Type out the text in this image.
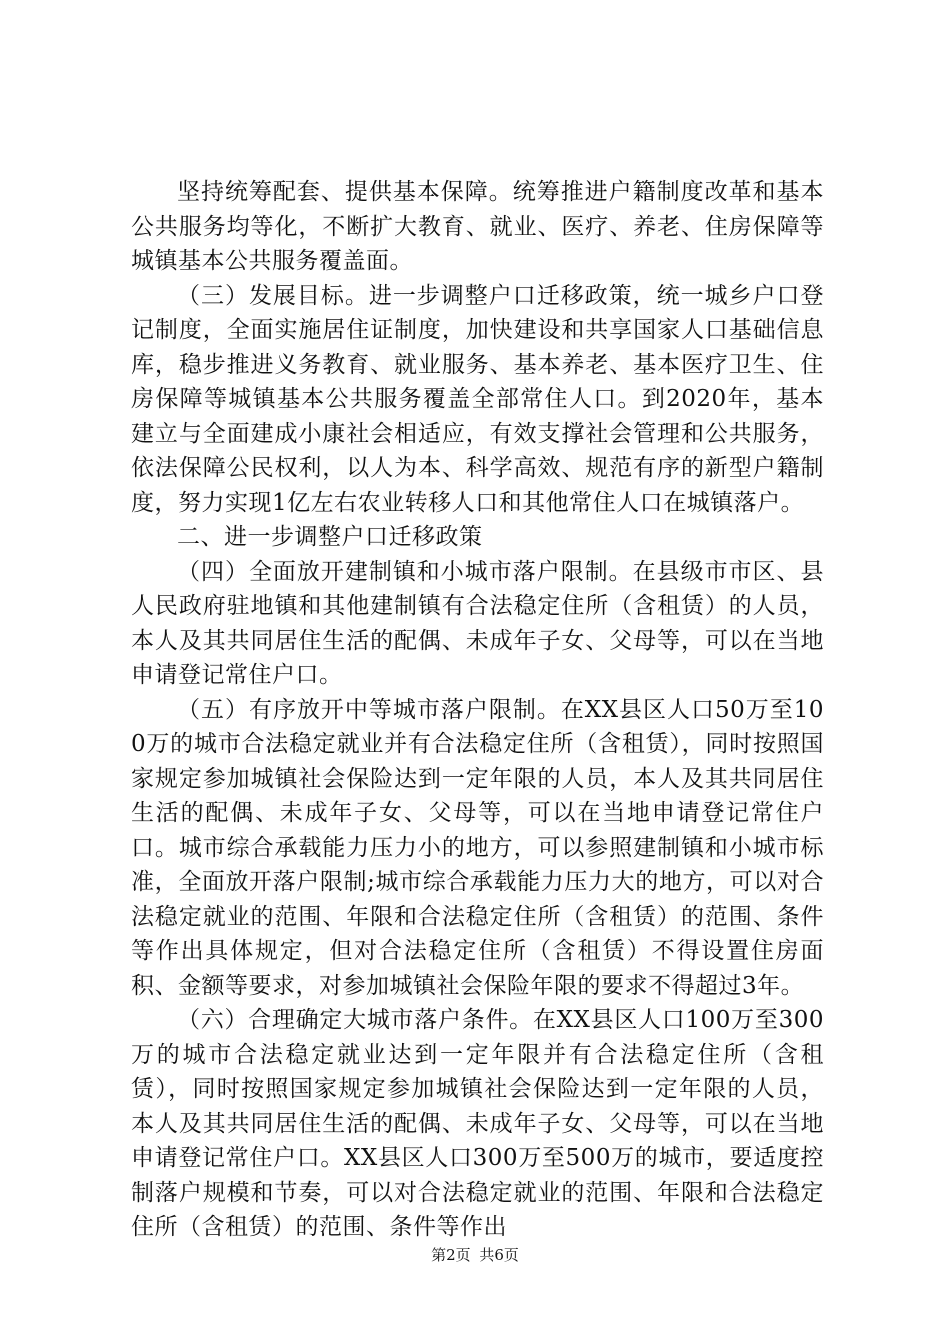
坚持统筹配套、提供基本保障。统筹推进户籍制度改革和基本公共服务均等化，不断扩大教育、就业、医疗、养老、住房保障等城镇基本公共服务覆盖面。

（三）发展目标。进一步调整户口迁移政策，统一城乡户口登记制度，全面实施居住证制度，加快建设和共享国家人口基础信息库，稳步推进义务教育、就业服务、基本养老、基本医疗卫生、住房保障等城镇基本公共服务覆盖全部常住人口。到2020年，基本建立与全面建成小康社会相适应，有效支撑社会管理和公共服务，依法保障公民权利，以人为本、科学高效、规范有序的新型户籍制度，努力实现1亿左右农业转移人口和其他常住人口在城镇落户。

二、进一步调整户口迁移政策

（四）全面放开建制镇和小城市落户限制。在县级市市区、县人民政府驻地镇和其他建制镇有合法稳定住所（含租赁）的人员，本人及其共同居住生活的配偶、未成年子女、父母等，可以在当地申请登记常住户口。

（五）有序放开中等城市落户限制。在XX县区人口50万至100万的城市合法稳定就业并有合法稳定住所（含租赁），同时按照国家规定参加城镇社会保险达到一定年限的人员，本人及其共同居住生活的配偶、未成年子女、父母等，可以在当地申请登记常住户口。城市综合承载能力压力小的地方，可以参照建制镇和小城市标准，全面放开落户限制;城市综合承载能力压力大的地方，可以对合法稳定就业的范围、年限和合法稳定住所（含租赁）的范围、条件等作出具体规定，但对合法稳定住所（含租赁）不得设置住房面积、金额等要求，对参加城镇社会保险年限的要求不得超过3年。

（六）合理确定大城市落户条件。在XX县区人口100万至300万的城市合法稳定就业达到一定年限并有合法稳定住所（含租赁），同时按照国家规定参加城镇社会保险达到一定年限的人员，本人及其共同居住生活的配偶、未成年子女、父母等，可以在当地申请登记常住户口。XX县区人口300万至500万的城市，要适度控制落户规模和节奏，可以对合法稳定就业的范围、年限和合法稳定住所（含租赁）的范围、条件等作出

第2页 共6页
